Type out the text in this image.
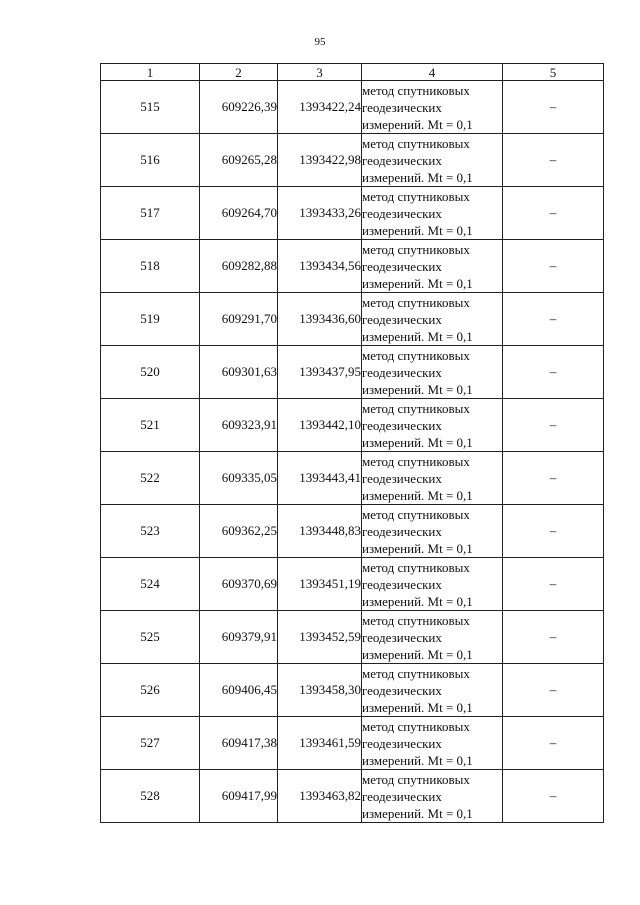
95
1	2	3	4	5
515	609226,39	1393422,24	метод спутниковых
геодезических
измерений. Mt = 0,1	–
516	609265,28	1393422,98	метод спутниковых
геодезических
измерений. Mt = 0,1	–
517	609264,70	1393433,26	метод спутниковых
геодезических
измерений. Mt = 0,1	–
518	609282,88	1393434,56	метод спутниковых
геодезических
измерений. Mt = 0,1	–
519	609291,70	1393436,60	метод спутниковых
геодезических
измерений. Mt = 0,1	–
520	609301,63	1393437,95	метод спутниковых
геодезических
измерений. Mt = 0,1	–
521	609323,91	1393442,10	метод спутниковых
геодезических
измерений. Mt = 0,1	–
522	609335,05	1393443,41	метод спутниковых
геодезических
измерений. Mt = 0,1	–
523	609362,25	1393448,83	метод спутниковых
геодезических
измерений. Mt = 0,1	–
524	609370,69	1393451,19	метод спутниковых
геодезических
измерений. Mt = 0,1	–
525	609379,91	1393452,59	метод спутниковых
геодезических
измерений. Mt = 0,1	–
526	609406,45	1393458,30	метод спутниковых
геодезических
измерений. Mt = 0,1	–
527	609417,38	1393461,59	метод спутниковых
геодезических
измерений. Mt = 0,1	–
528	609417,99	1393463,82	метод спутниковых
геодезических
измерений. Mt = 0,1	–
